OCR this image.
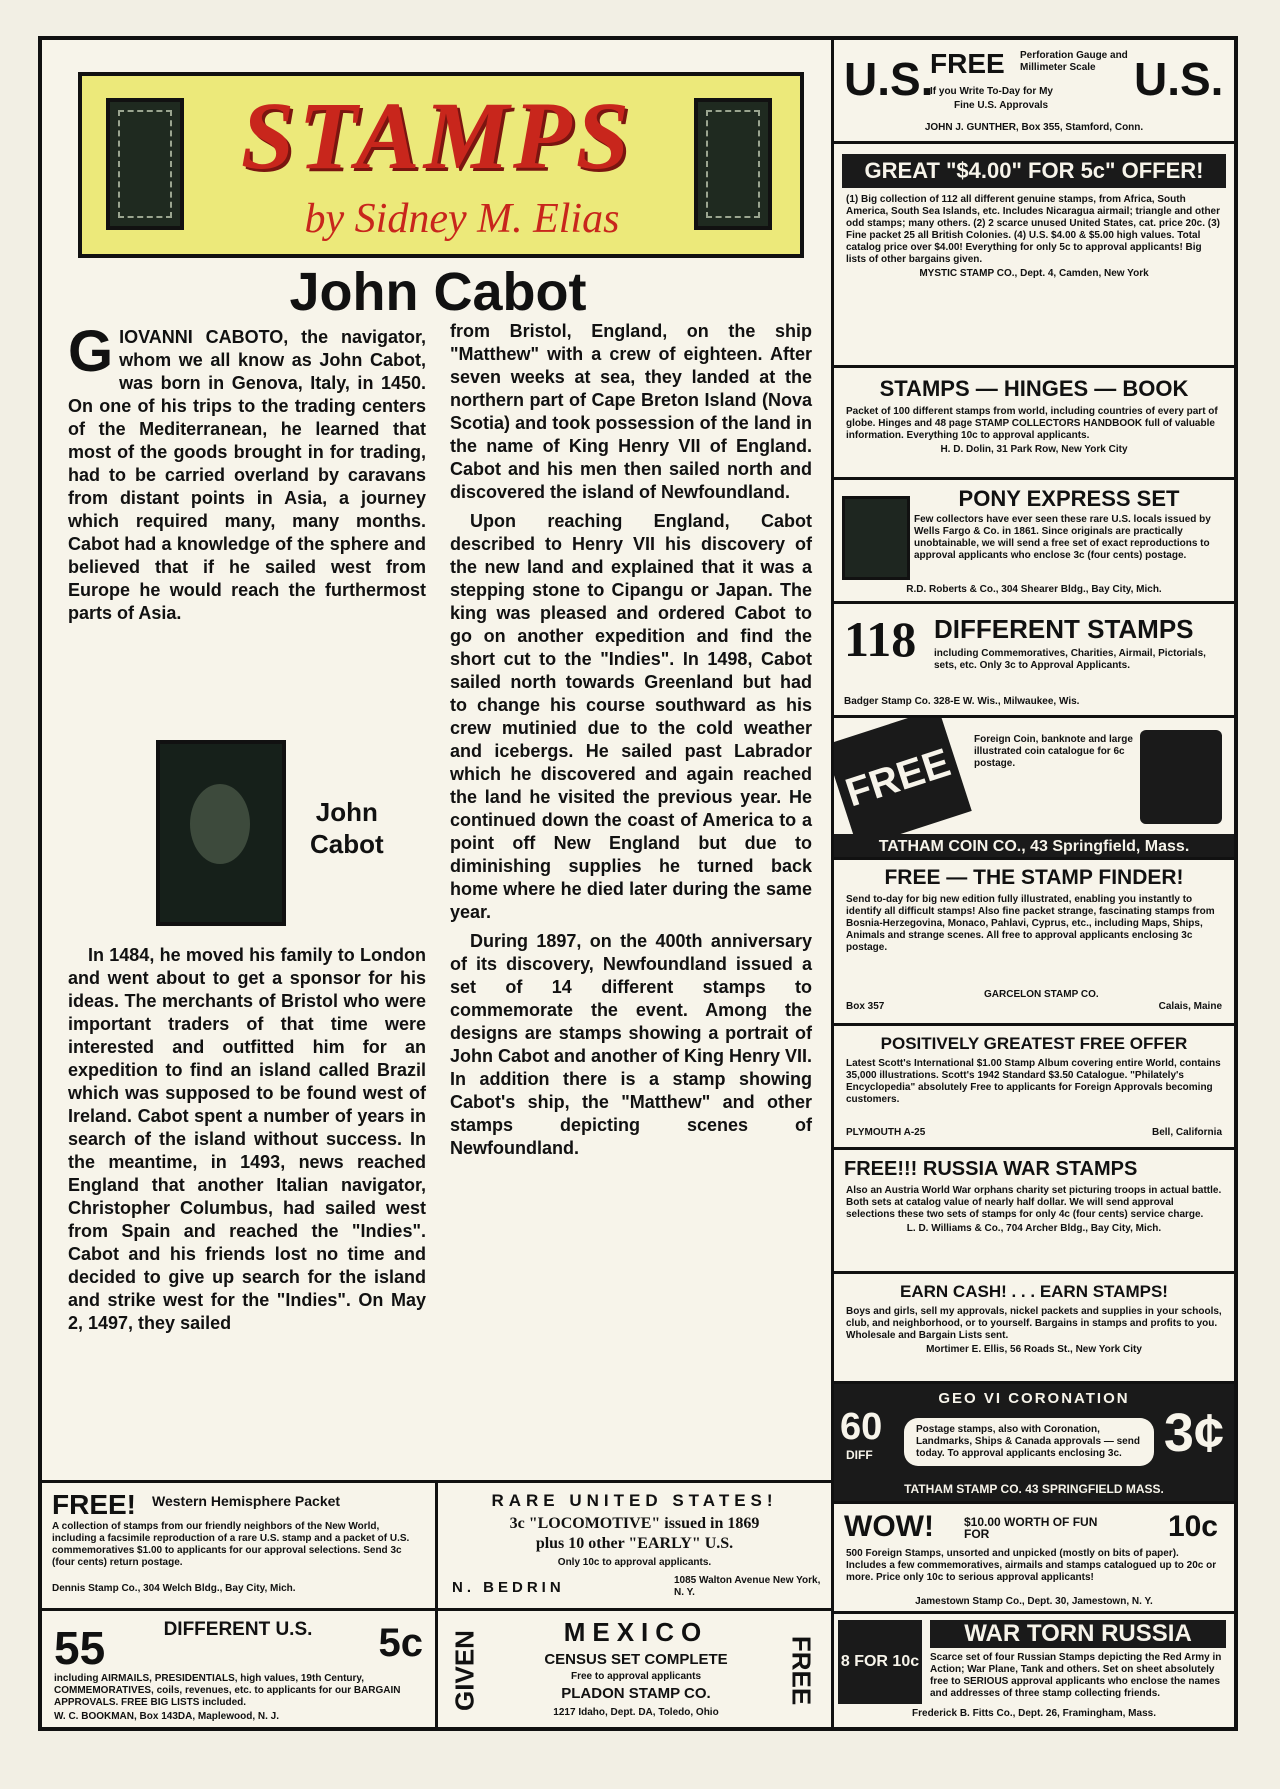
STAMPS
by Sidney M. Elias
John Cabot

GIOVANNI CABOTO, the navigator, whom we all know as John Cabot, was born in Genova, Italy, in 1450. On one of his trips to the trading centers of the Mediterranean, he learned that most of the goods brought in for trading, had to be carried overland by caravans from distant points in Asia, a journey which required many, many months. Cabot had a knowledge of the sphere and believed that if he sailed west from Europe he would reach the furthermost parts of Asia.

John
Cabot

In 1484, he moved his family to London and went about to get a sponsor for his ideas. The merchants of Bristol who were important traders of that time were interested and outfitted him for an expedition to find an island called Brazil which was supposed to be found west of Ireland. Cabot spent a number of years in search of the island without success. In the meantime, in 1493, news reached England that another Italian navigator, Christopher Columbus, had sailed west from Spain and reached the "Indies". Cabot and his friends lost no time and decided to give up search for the island and strike west for the "Indies". On May 2, 1497, they sailed

from Bristol, England, on the ship "Matthew" with a crew of eighteen. After seven weeks at sea, they landed at the northern part of Cape Breton Island (Nova Scotia) and took possession of the land in the name of King Henry VII of England. Cabot and his men then sailed north and discovered the island of Newfoundland.

Upon reaching England, Cabot described to Henry VII his discovery of the new land and explained that it was a stepping stone to Cipangu or Japan. The king was pleased and ordered Cabot to go on another expedition and find the short cut to the "Indies". In 1498, Cabot sailed north towards Greenland but had to change his course southward as his crew mutinied due to the cold weather and icebergs. He sailed past Labrador which he discovered and again reached the land he visited the previous year. He continued down the coast of America to a point off New England but due to diminishing supplies he turned back home where he died later during the same year.

During 1897, on the 400th anniversary of its discovery, Newfoundland issued a set of 14 different stamps to commemorate the event. Among the designs are stamps showing a portrait of John Cabot and another of King Henry VII. In addition there is a stamp showing Cabot's ship, the "Matthew" and other stamps depicting scenes of Newfoundland.

U.S.	U.S.
FREE Perforation Gauge and Millimeter Scale
If you Write To-Day for My
Fine U.S. Approvals
JOHN J. GUNTHER, Box 355, Stamford, Conn.
GREAT "$4.00" FOR 5c" OFFER!
(1) Big collection of 112 all different genuine stamps, from Africa, South America, South Sea Islands, etc. Includes Nicaragua airmail; triangle and other odd stamps; many others. (2) 2 scarce unused United States, cat. price 20c. (3) Fine packet 25 all British Colonies. (4) U.S. $4.00 & $5.00 high values. Total catalog price over $4.00! Everything for only 5c to approval applicants! Big lists of other bargains given.
MYSTIC STAMP CO., Dept. 4, Camden, New York
STAMPS — HINGES — BOOK
Packet of 100 different stamps from world, including countries of every part of globe. Hinges and 48 page STAMP COLLECTORS HANDBOOK full of valuable information. Everything 10c to approval applicants.
H. D. Dolin, 31 Park Row, New York City
PONY EXPRESS SET
Few collectors have ever seen these rare U.S. locals issued by Wells Fargo & Co. in 1861. Since originals are practically unobtainable, we will send a free set of exact reproductions to approval applicants who enclose 3c (four cents) postage.
R.D. Roberts & Co., 304 Shearer Bldg., Bay City, Mich.
118 DIFFERENT STAMPS
including Commemoratives, Charities, Airmail, Pictorials, sets, etc. Only 3c to Approval Applicants.
Badger Stamp Co. 328-E W. Wis., Milwaukee, Wis.
FREE
Foreign Coin, banknote and large illustrated coin catalogue for 6c postage.
TATHAM COIN CO., 43 Springfield, Mass.
FREE — THE STAMP FINDER!
Send to-day for big new edition fully illustrated, enabling you instantly to identify all difficult stamps! Also fine packet strange, fascinating stamps from Bosnia-Herzegovina, Monaco, Pahlavi, Cyprus, etc., including Maps, Ships, Animals and strange scenes. All free to approval applicants enclosing 3c postage.
Box 357
GARCELON STAMP CO.
Calais, Maine
POSITIVELY GREATEST FREE OFFER
Latest Scott's International $1.00 Stamp Album covering entire World, contains 35,000 illustrations. Scott's 1942 Standard $3.50 Catalogue. "Philately's Encyclopedia" absolutely Free to applicants for Foreign Approvals becoming customers.
PLYMOUTH A-25	Bell, California
FREE!!! RUSSIA WAR STAMPS
Also an Austria World War orphans charity set picturing troops in actual battle. Both sets at catalog value of nearly half dollar. We will send approval selections these two sets of stamps for only 4c (four cents) service charge.
L. D. Williams & Co., 704 Archer Bldg., Bay City, Mich.
EARN CASH! . . . EARN STAMPS!
Boys and girls, sell my approvals, nickel packets and supplies in your schools, club, and neighborhood, or to yourself. Bargains in stamps and profits to you. Wholesale and Bargain Lists sent.
Mortimer E. Ellis, 56 Roads St., New York City
GEO VI CORONATION
60
DIFF
Postage stamps, also with Coronation, Landmarks, Ships & Canada approvals — send today. To approval applicants enclosing 3c. 3¢
TATHAM STAMP CO. 43 SPRINGFIELD MASS.
WOW!	$10.00 WORTH OF FUN FOR	10c
500 Foreign Stamps, unsorted and unpicked (mostly on bits of paper). Includes a few commemoratives, airmails and stamps catalogued up to 20c or more. Price only 10c to serious approval applicants!
Jamestown Stamp Co., Dept. 30, Jamestown, N. Y.
8 FOR 10c
WAR TORN RUSSIA
Scarce set of four Russian Stamps depicting the Red Army in Action; War Plane, Tank and others. Set on sheet absolutely free to SERIOUS approval applicants who enclose the names and addresses of three stamp collecting friends.
Frederick B. Fitts Co., Dept. 26, Framingham, Mass.
FREE! Western Hemisphere Packet
A collection of stamps from our friendly neighbors of the New World, including a facsimile reproduction of a rare U.S. stamp and a packet of U.S. commemoratives $1.00 to applicants for our approval selections. Send 3c (four cents) return postage.
Dennis Stamp Co., 304 Welch Bldg., Bay City, Mich.
RARE UNITED STATES!
3c "LOCOMOTIVE" issued in 1869
plus 10 other "EARLY" U.S.
Only 10c to approval applicants.
N. BEDRIN	1085 Walton Avenue New York, N. Y.
55	DIFFERENT U.S.	5c
including AIRMAILS, PRESIDENTIALS, high values, 19th Century, COMMEMORATIVES, coils, revenues, etc. to applicants for our BARGAIN APPROVALS. FREE BIG LISTS included.
W. C. BOOKMAN, Box 143DA, Maplewood, N. J.
GIVEN	MEXICO
CENSUS SET COMPLETE
Free to approval applicants
PLADON STAMP CO.
1217 Idaho, Dept. DA, Toledo, Ohio
FREE
